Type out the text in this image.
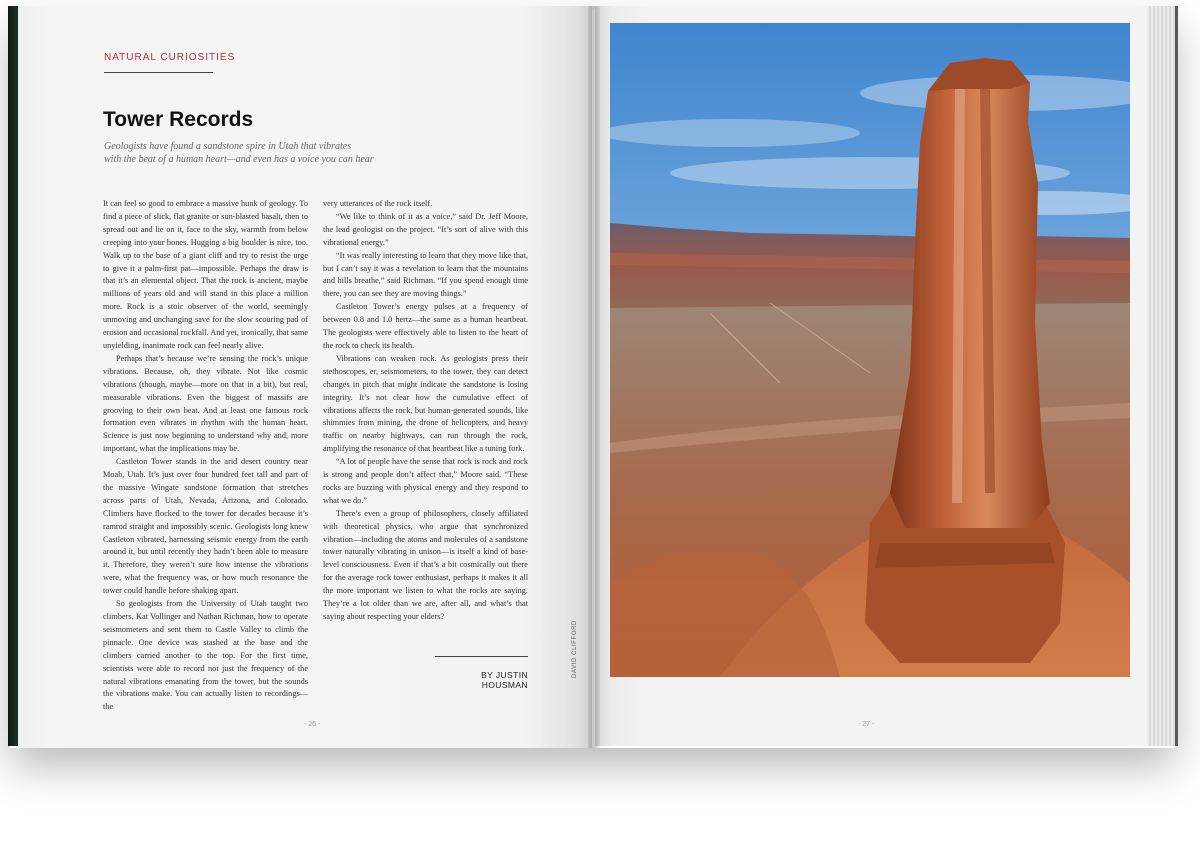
NATURAL CURIOSITIES
Tower Records
Geologists have found a sandstone spire in Utah that vibrates
with the beat of a human heart—and even has a voice you can hear

It can feel so good to embrace a massive hunk of geology. To find a piece of slick, flat granite or sun-blasted basalt, then to spread out and lie on it, face to the sky, warmth from below creeping into your bones. Hugging a big boulder is nice, too. Walk up to the base of a giant cliff and try to resist the urge to give it a palm-first pat—impossible. Perhaps the draw is that it’s an elemental object. That the rock is ancient, maybe millions of years old and will stand in this place a million more. Rock is a stoic observer of the world, seemingly unmoving and unchanging save for the slow scouring pad of erosion and occasional rockfall. And yet, ironically, that same unyielding, inanimate rock can feel nearly alive.

Perhaps that’s because we’re sensing the rock’s unique vibrations. Because, oh, they vibrate. Not like cosmic vibrations (though, maybe—more on that in a bit), but real, measurable vibrations. Even the biggest of massifs are grooving to their own beat. And at least one famous rock formation even vibrates in rhythm with the human heart. Science is just now beginning to understand why and, more important, what the implications may be.

Castleton Tower stands in the arid desert country near Moab, Utah. It’s just over four hundred feet tall and part of the massive Wingate sandstone formation that stretches across parts of Utah, Nevada, Arizona, and Colorado. Climbers have flocked to the tower for decades because it’s ramrod straight and impossibly scenic. Geologists long knew Castleton vibrated, harnessing seismic energy from the earth around it, but until recently they hadn’t been able to measure it. Therefore, they weren’t sure how intense the vibrations were, what the frequency was, or how much resonance the tower could handle before shaking apart.

So geologists from the University of Utah taught two climbers, Kat Vollinger and Nathan Richman, how to operate seismometers and sent them to Castle Valley to climb the pinnacle. One device was stashed at the base and the climbers carried another to the top. For the first time, scientists were able to record not just the frequency of the natural vibrations emanating from the tower, but the sounds the vibrations make. You can actually listen to recordings—the

very utterances of the rock itself.

“We like to think of it as a voice,” said Dr. Jeff Moore, the lead geologist on the project. “It’s sort of alive with this vibrational energy.”

“It was really interesting to learn that they move like that, but I can’t say it was a revelation to learn that the mountains and hills breathe,” said Richman. “If you spend enough time there, you can see they are moving things.”

Castleton Tower’s energy pulses at a frequency of between 0.8 and 1.0 hertz—the same as a human heartbeat. The geologists were effectively able to listen to the heart of the rock to check its health.

Vibrations can weaken rock. As geologists press their stethoscopes, er, seismometers, to the tower, they can detect changes in pitch that might indicate the sandstone is losing integrity. It’s not clear how the cumulative effect of vibrations affects the rock, but human-generated sounds, like shimmies from mining, the drone of helicopters, and heavy traffic on nearby highways, can run through the rock, amplifying the resonance of that heartbeat like a tuning fork.

“A lot of people have the sense that rock is rock and rock is strong and people don’t affect that,” Moore said. “These rocks are buzzing with physical energy and they respond to what we do.”

There’s even a group of philosophers, closely affiliated with theoretical physics, who argue that synchronized vibration—including the atoms and molecules of a sandstone tower naturally vibrating in unison—is itself a kind of base-level consciousness. Even if that’s a bit cosmically out there for the average rock tower enthusiast, perhaps it makes it all the more important we listen to what the rocks are saying. They’re a lot older than we are, after all, and what’s that saying about respecting your elders?

BY JUSTIN HOUSMAN
DAVID CLIFFORD
- 26 -	- 27 -
